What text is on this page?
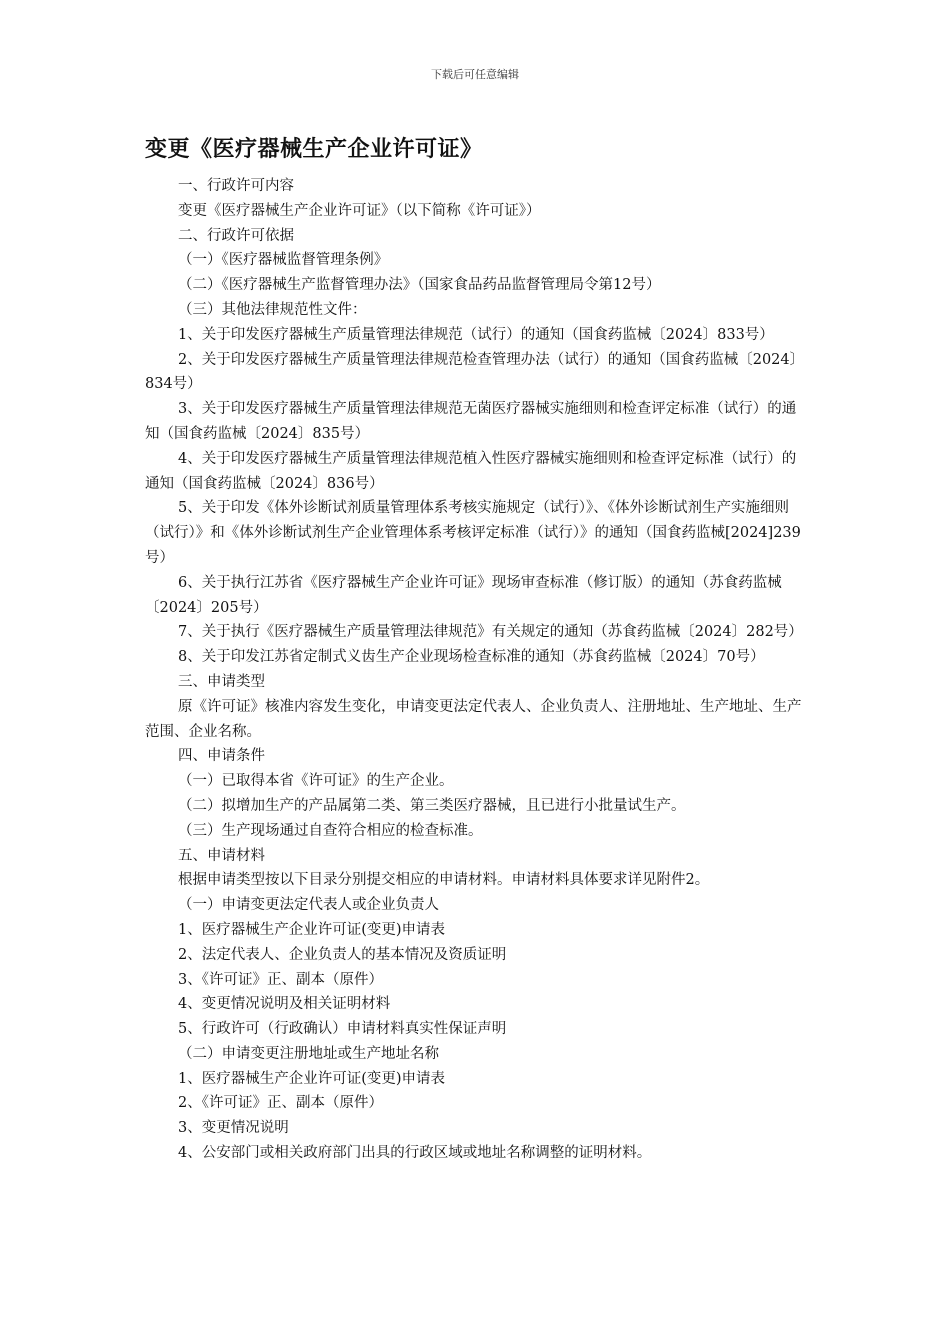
下载后可任意编辑
变更《医疗器械生产企业许可证》

一、行政许可内容

变更《医疗器械生产企业许可证》（以下简称《许可证》）

二、行政许可依据

（一）《医疗器械监督管理条例》

（二）《医疗器械生产监督管理办法》（国家食品药品监督管理局令第12号）

（三）其他法律规范性文件：

1、关于印发医疗器械生产质量管理法律规范（试行）的通知（国食药监械〔2024〕833号）

2、关于印发医疗器械生产质量管理法律规范检查管理办法（试行）的通知（国食药监械〔2024〕834号）

3、关于印发医疗器械生产质量管理法律规范无菌医疗器械实施细则和检查评定标准（试行）的通知（国食药监械〔2024〕835号）

4、关于印发医疗器械生产质量管理法律规范植入性医疗器械实施细则和检查评定标准（试行）的通知（国食药监械〔2024〕836号）

5、关于印发《体外诊断试剂质量管理体系考核实施规定（试行）》、《体外诊断试剂生产实施细则（试行）》和《体外诊断试剂生产企业管理体系考核评定标准（试行）》的通知（国食药监械[2024]239号）

6、关于执行江苏省《医疗器械生产企业许可证》现场审查标准（修订版）的通知（苏食药监械〔2024〕205号）

7、关于执行《医疗器械生产质量管理法律规范》有关规定的通知（苏食药监械〔2024〕282号）

8、关于印发江苏省定制式义齿生产企业现场检查标准的通知（苏食药监械〔2024〕70号）

三、申请类型

原《许可证》核准内容发生变化，申请变更法定代表人、企业负责人、注册地址、生产地址、生产范围、企业名称。

四、申请条件

（一）已取得本省《许可证》的生产企业。

（二）拟增加生产的产品属第二类、第三类医疗器械，且已进行小批量试生产。

（三）生产现场通过自查符合相应的检查标准。

五、申请材料

根据申请类型按以下目录分别提交相应的申请材料。申请材料具体要求详见附件2。

（一）申请变更法定代表人或企业负责人

1、医疗器械生产企业许可证(变更)申请表

2、法定代表人、企业负责人的基本情况及资质证明

3、《许可证》正、副本（原件）

4、变更情况说明及相关证明材料

5、行政许可（行政确认）申请材料真实性保证声明

（二）申请变更注册地址或生产地址名称

1、医疗器械生产企业许可证(变更)申请表

2、《许可证》正、副本（原件）

3、变更情况说明

4、公安部门或相关政府部门出具的行政区域或地址名称调整的证明材料。
